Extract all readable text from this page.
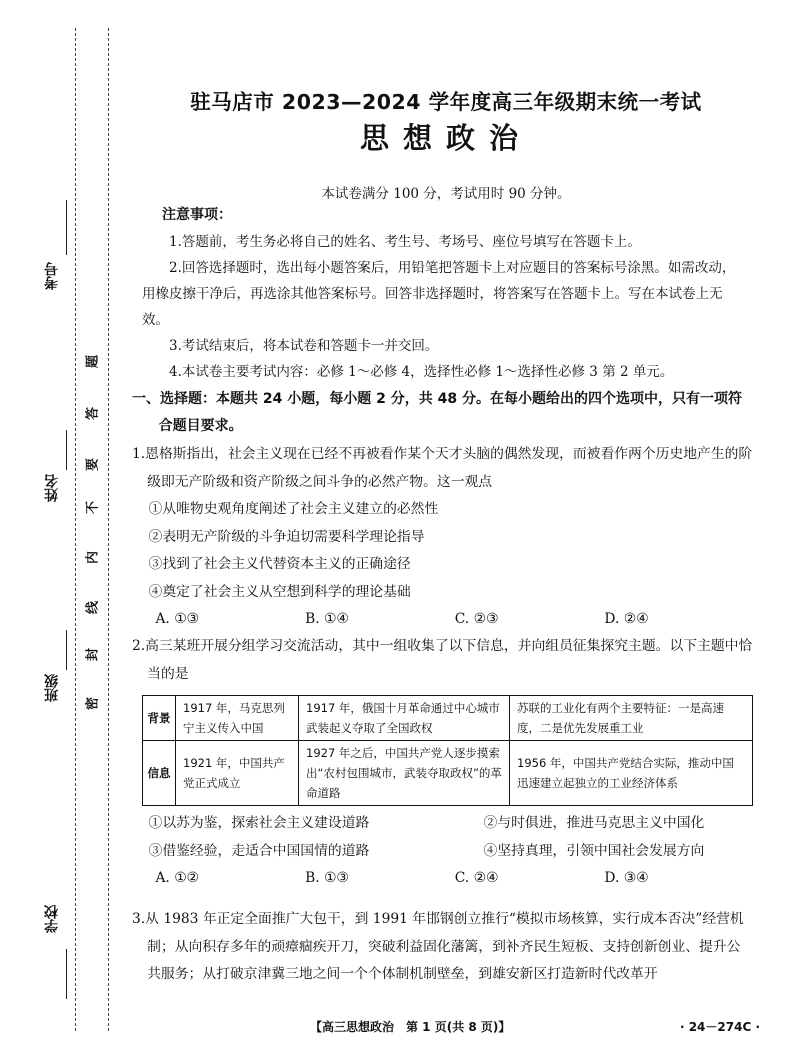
考号
姓名
班级
学校
题
答
要
不
内
线
封
密
驻马店市 2023—2024 学年度高三年级期末统一考试
思想政治
本试卷满分 100 分，考试用时 90 分钟。
注意事项：
1.答题前，考生务必将自己的姓名、考生号、考场号、座位号填写在答题卡上。
2.回答选择题时，选出每小题答案后，用铅笔把答题卡上对应题目的答案标号涂黑。如需改动，用橡皮擦干净后，再选涂其他答案标号。回答非选择题时，将答案写在答题卡上。写在本试卷上无效。
3.考试结束后，将本试卷和答题卡一并交回。
4.本试卷主要考试内容：必修 1～必修 4，选择性必修 1～选择性必修 3 第 2 单元。
一、选择题：本题共 24 小题，每小题 2 分，共 48 分。在每小题给出的四个选项中，只有一项符合题目要求。
1.恩格斯指出，社会主义现在已经不再被看作某个天才头脑的偶然发现，而被看作两个历史地产生的阶级即无产阶级和资产阶级之间斗争的必然产物。这一观点
①从唯物史观角度阐述了社会主义建立的必然性
②表明无产阶级的斗争迫切需要科学理论指导
③找到了社会主义代替资本主义的正确途径
④奠定了社会主义从空想到科学的理论基础
A. ①③	B. ①④	C. ②③	D. ②④
2.高三某班开展分组学习交流活动，其中一组收集了以下信息，并向组员征集探究主题。以下主题中恰当的是
背景	1917 年，马克思列宁主义传入中国	1917 年，俄国十月革命通过中心城市武装起义夺取了全国政权	苏联的工业化有两个主要特征：一是高速度，二是优先发展重工业
信息	1921 年，中国共产党正式成立	1927 年之后，中国共产党人逐步摸索出“农村包围城市，武装夺取政权”的革命道路	1956 年，中国共产党结合实际，推动中国迅速建立起独立的工业经济体系
①以苏为鉴，探索社会主义建设道路	②与时俱进，推进马克思主义中国化
③借鉴经验，走适合中国国情的道路	④坚持真理，引领中国社会发展方向
A. ①②	B. ①③	C. ②④	D. ③④
3.从 1983 年正定全面推广大包干，到 1991 年邯钢创立推行“模拟市场核算，实行成本否决”经营机制；从向积存多年的顽瘴痼疾开刀，突破利益固化藩篱，到补齐民生短板、支持创新创业、提升公共服务；从打破京津冀三地之间一个个体制机制壁垒，到雄安新区打造新时代改革开
【高三思想政治　第 1 页(共 8 页)】	· 24－274C ·
